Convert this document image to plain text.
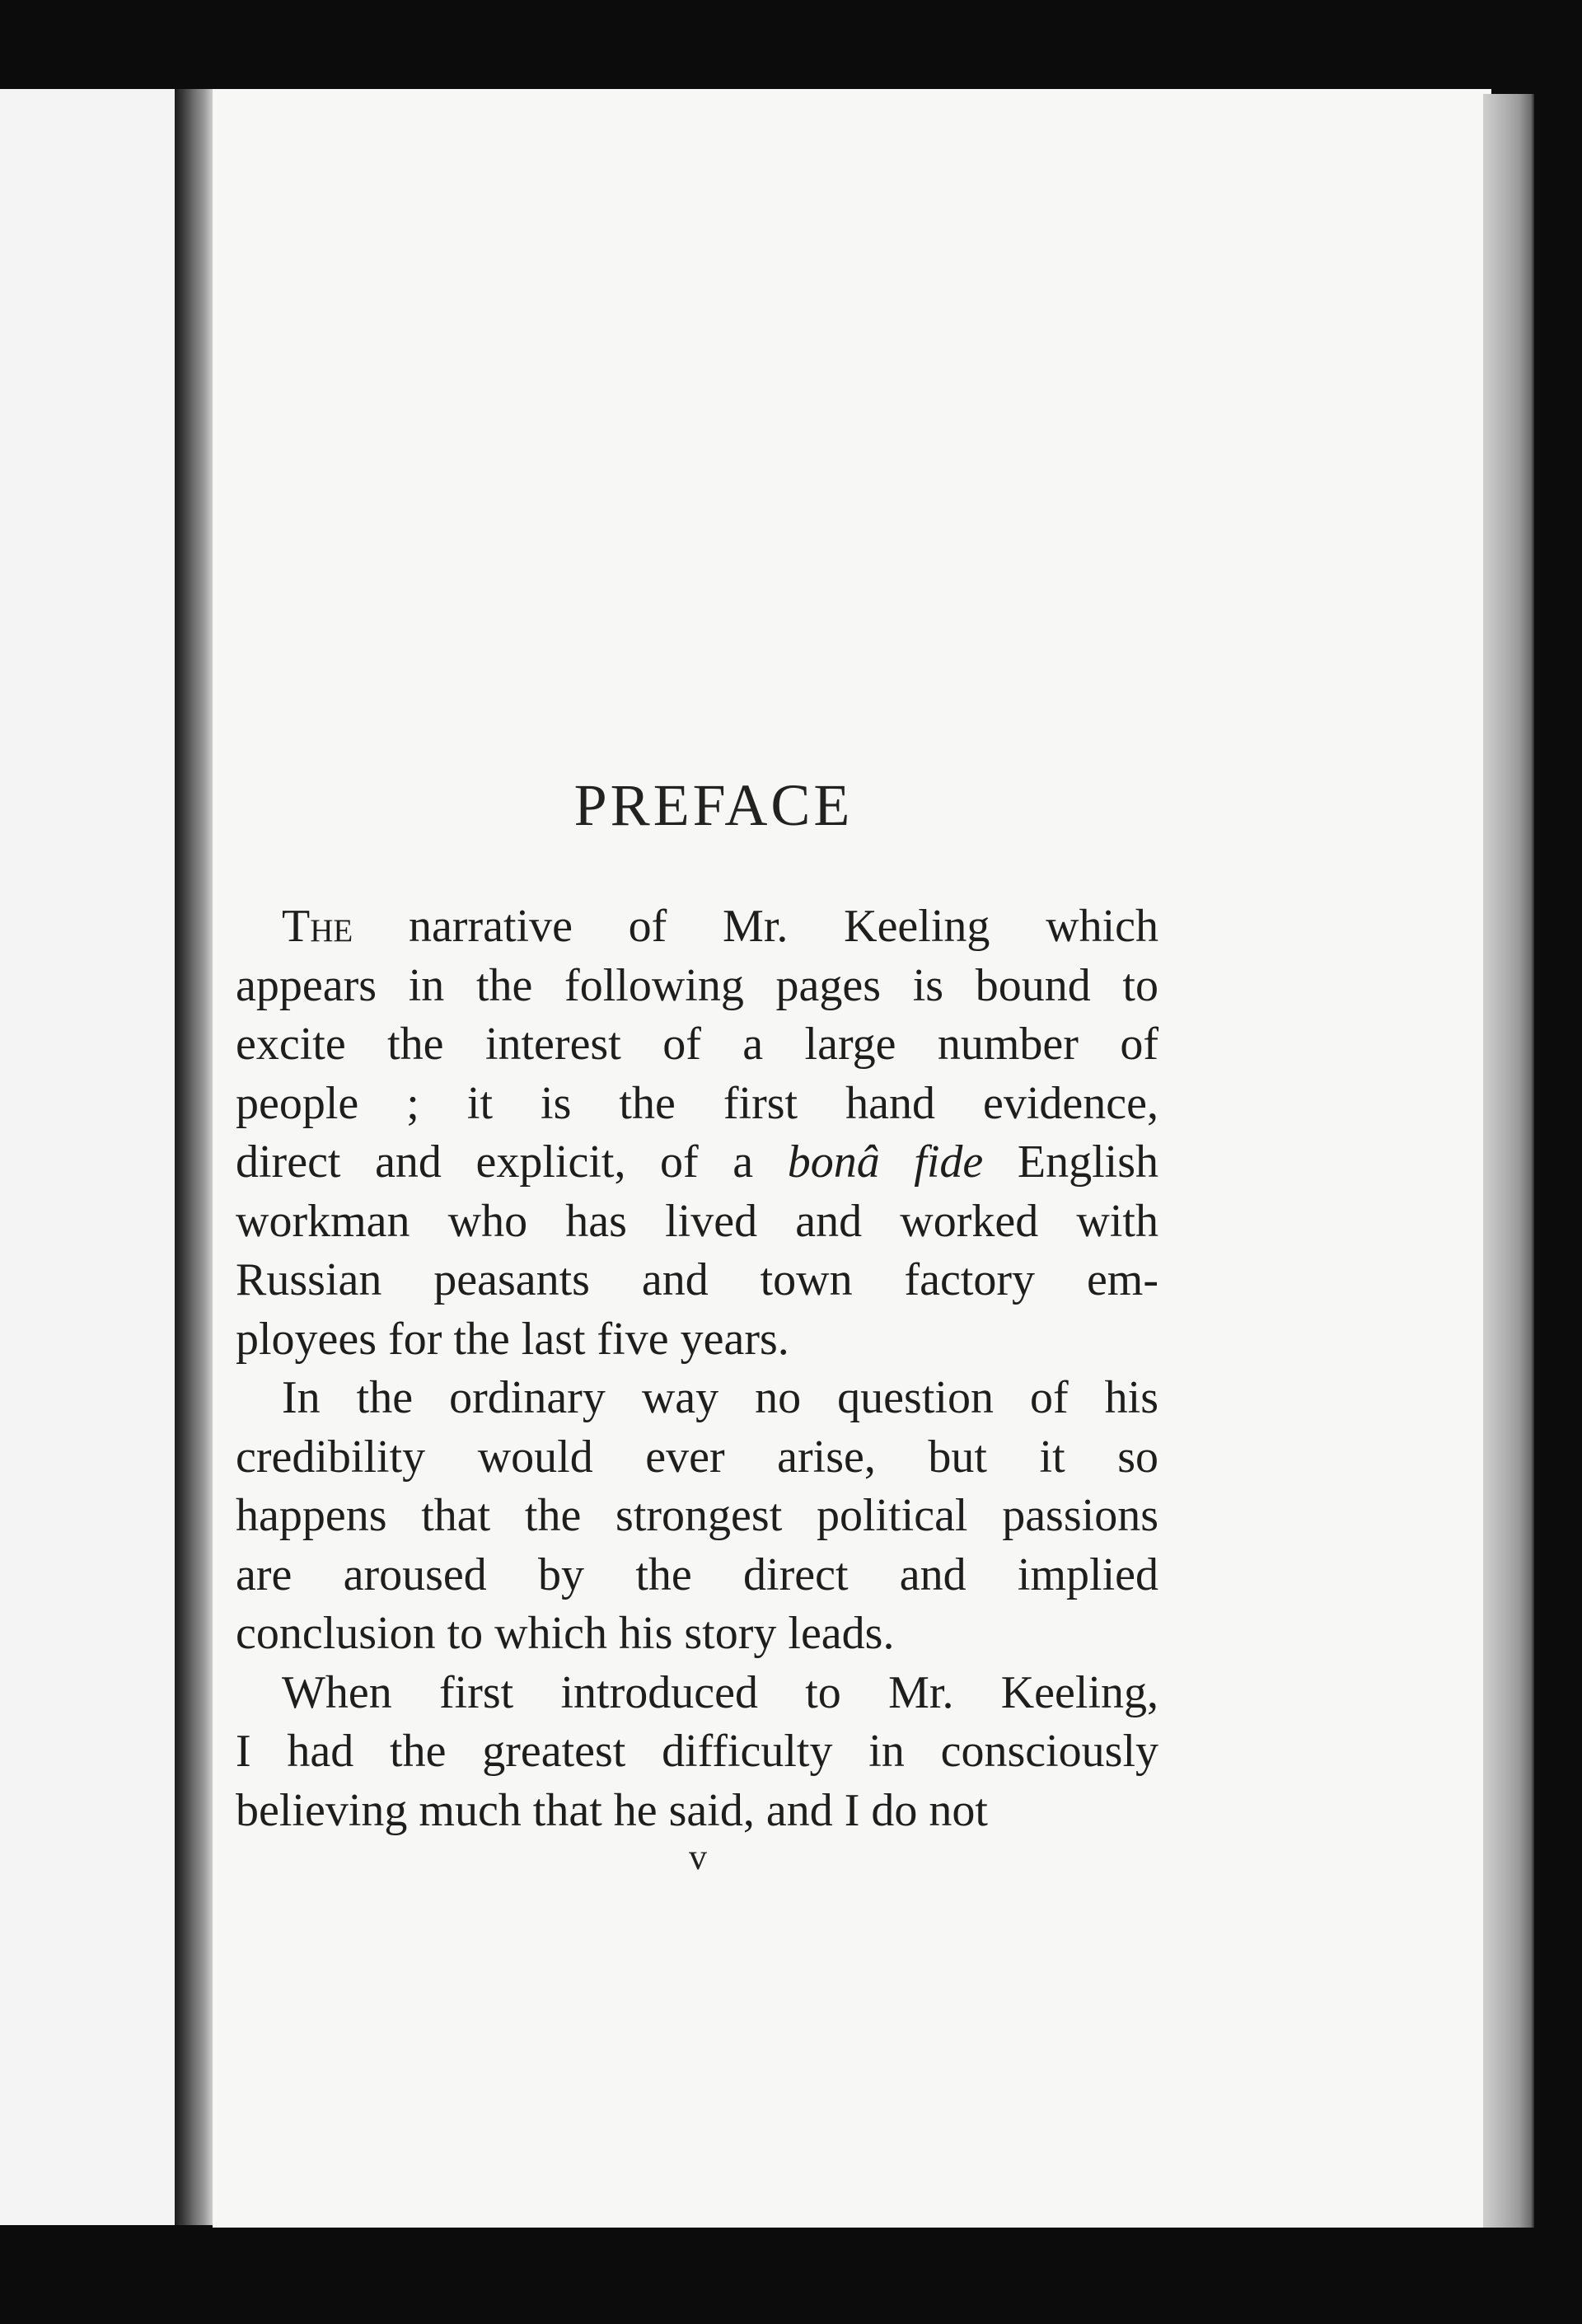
PREFACE
The narrative of Mr. Keeling which
appears in the following pages is bound to
excite the interest of a large number of
people ; it is the first hand evidence,
direct and explicit, of a bonâ fide English
workman who has lived and worked with
Russian peasants and town factory em-
ployees for the last five years.
In the ordinary way no question of his
credibility would ever arise, but it so
happens that the strongest political passions
are aroused by the direct and implied
conclusion to which his story leads.
When first introduced to Mr. Keeling,
I had the greatest difficulty in consciously
believing much that he said, and I do not
v
